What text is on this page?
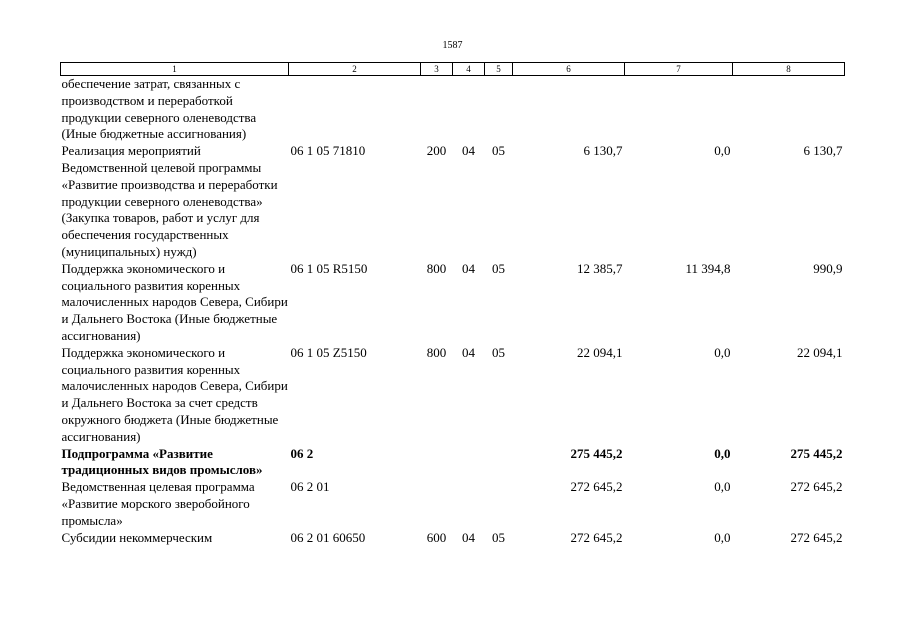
1587
1	2	3	4	5	6	7	8
обеспечение затрат, связанных с производством и переработкой продукции северного оленеводства (Иные бюджетные ассигнования)							
Реализация мероприятий Ведомственной целевой программы «Развитие производства и переработки продукции северного оленеводства» (Закупка товаров, работ и услуг для обеспечения государственных (муниципальных) нужд)	06 1 05 71810	200	04	05	6 130,7	0,0	6 130,7
Поддержка экономического и социального развития коренных малочисленных народов Севера, Сибири и Дальнего Востока (Иные бюджетные ассигнования)	06 1 05 R5150	800	04	05	12 385,7	11 394,8	990,9
Поддержка экономического и социального развития коренных малочисленных народов Севера, Сибири и Дальнего Востока за счет средств окружного бюджета (Иные бюджетные ассигнования)	06 1 05 Z5150	800	04	05	22 094,1	0,0	22 094,1
Подпрограмма «Развитие традиционных видов промыслов»	06 2				275 445,2	0,0	275 445,2
Ведомственная целевая программа «Развитие морского зверобойного промысла»	06 2 01				272 645,2	0,0	272 645,2
Субсидии некоммерческим	06 2 01 60650	600	04	05	272 645,2	0,0	272 645,2
